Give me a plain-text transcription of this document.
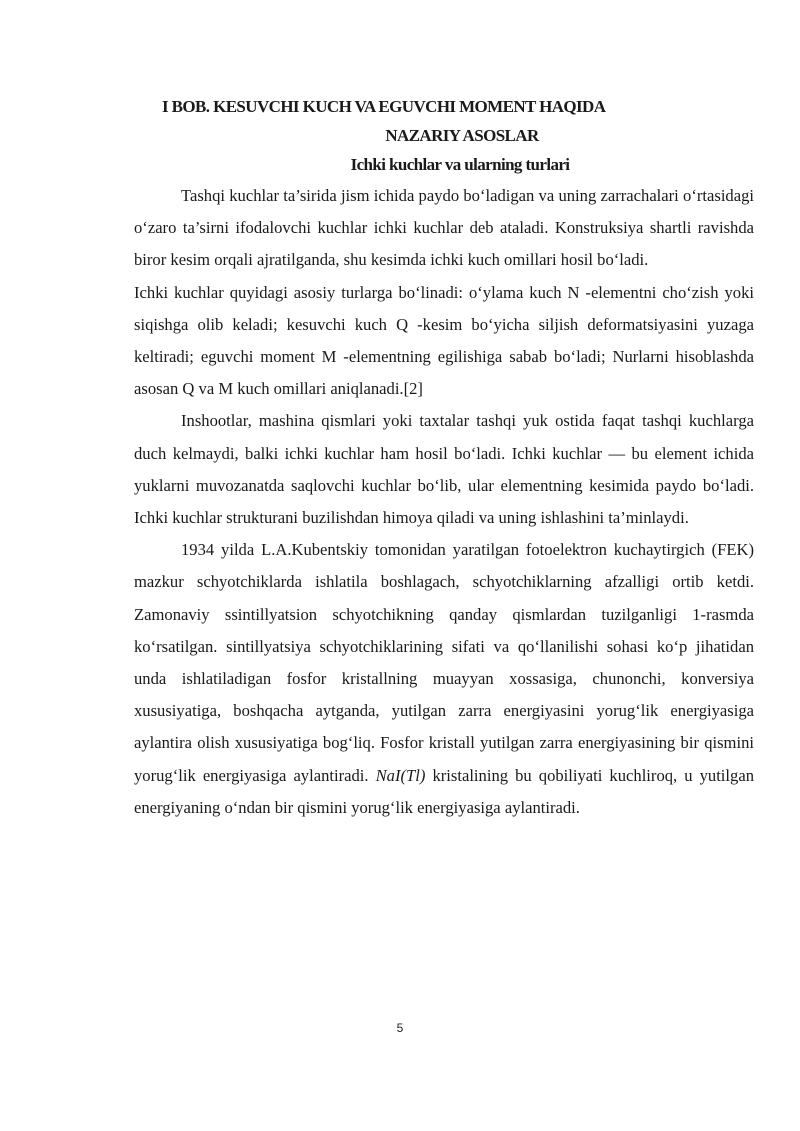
I BOB. KESUVCHI KUCH VA EGUVCHI MOMENT HAQIDA

NAZARIY ASOSLAR

Ichki kuchlar va ularning turlari

Tashqi kuchlar ta’sirida jism ichida paydo bo‘ladigan va uning zarrachalari o‘rtasidagi o‘zaro ta’sirni ifodalovchi kuchlar ichki kuchlar deb ataladi. Konstruksiya shartli ravishda biror kesim orqali ajratilganda, shu kesimda ichki kuch omillari hosil bo‘ladi.

Ichki kuchlar quyidagi asosiy turlarga bo‘linadi: o‘ylama kuch N -elementni cho‘zish yoki siqishga olib keladi; kesuvchi kuch Q -kesim bo‘yicha siljish deformatsiyasini yuzaga keltiradi; eguvchi moment M -elementning egilishiga sabab bo‘ladi; Nurlarni hisoblashda asosan Q va M kuch omillari aniqlanadi.[2]

Inshootlar, mashina qismlari yoki taxtalar tashqi yuk ostida faqat tashqi kuchlarga duch kelmaydi, balki ichki kuchlar ham hosil bo‘ladi. Ichki kuchlar — bu element ichida yuklarni muvozanatda saqlovchi kuchlar bo‘lib, ular elementning kesimida paydo bo‘ladi. Ichki kuchlar strukturani buzilishdan himoya qiladi va uning ishlashini ta’minlaydi.

1934 yilda L.A.Kubentskiy tomonidan yaratilgan fotoelektron kuchaytirgich (FEK) mazkur schyotchiklarda ishlatila boshlagach, schyotchiklarning afzalligi ortib ketdi. Zamonaviy ssintillyatsion schyotchikning qanday qismlardan tuzilganligi 1-rasmda ko‘rsatilgan. sintillyatsiya schyotchiklarining sifati va qo‘llanilishi sohasi ko‘p jihatidan unda ishlatiladigan fosfor kristallning muayyan xossasiga, chunonchi, konversiya xususiyatiga, boshqacha aytganda, yutilgan zarra energiyasini yorug‘lik energiyasiga aylantira olish xususiyatiga bog‘liq. Fosfor kristall yutilgan zarra energiyasining bir qismini yorug‘lik energiyasiga aylantiradi. NaI(Tl) kristalining bu qobiliyati kuchliroq, u yutilgan energiyaning o‘ndan bir qismini yorug‘lik energiyasiga aylantiradi.

5
